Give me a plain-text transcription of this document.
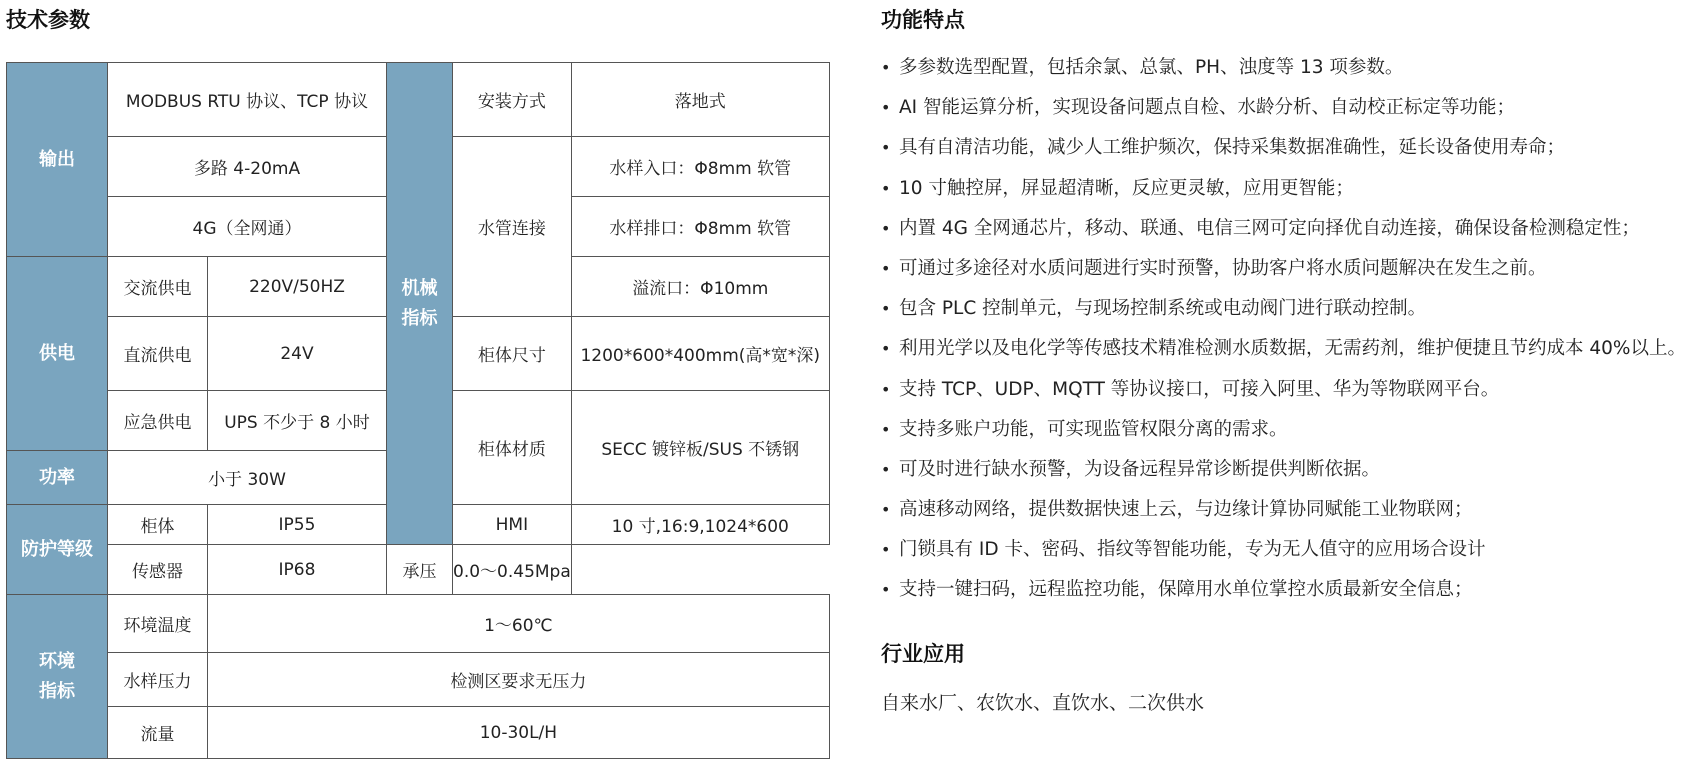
技术参数
输出	MODBUS RTU 协议、TCP 协议		机械指标	安装方式	落地式
	多路 4-20mA			水管连接	水样入口：Φ8mm 软管
	4G（全网通）				水样排口：Φ8mm 软管
供电	交流供电	220V/50HZ			溢流口：Φ10mm
	直流供电	24V		柜体尺寸	1200*600*400mm(高*宽*深)
	应急供电	UPS 不少于 8 小时		柜体材质	SECC 镀锌板/SUS 不锈钢
功率	小于 30W				
防护等级	柜体	IP55		HMI	10 寸,16:9,1024*600
	传感器	IP68	承压	0.0～0.45Mpa	
环境指标	环境温度	1～60℃			
	水样压力	检测区要求无压力			
	流量	10-30L/H			
功能特点
• 多参数选型配置，包括余氯、总氯、PH、浊度等 13 项参数。
• AI 智能运算分析，实现设备问题点自检、水龄分析、自动校正标定等功能；
• 具有自清洁功能，减少人工维护频次，保持采集数据准确性，延长设备使用寿命；
• 10 寸触控屏，屏显超清晰，反应更灵敏，应用更智能；
• 内置 4G 全网通芯片，移动、联通、电信三网可定向择优自动连接，确保设备检测稳定性；
• 可通过多途径对水质问题进行实时预警，协助客户将水质问题解决在发生之前。
• 包含 PLC 控制单元，与现场控制系统或电动阀门进行联动控制。
• 利用光学以及电化学等传感技术精准检测水质数据，无需药剂，维护便捷且节约成本 40%以上。
• 支持 TCP、UDP、MQTT 等协议接口，可接入阿里、华为等物联网平台。
• 支持多账户功能，可实现监管权限分离的需求。
• 可及时进行缺水预警，为设备远程异常诊断提供判断依据。
• 高速移动网络，提供数据快速上云，与边缘计算协同赋能工业物联网；
• 门锁具有 ID 卡、密码、指纹等智能功能，专为无人值守的应用场合设计
• 支持一键扫码，远程监控功能，保障用水单位掌控水质最新安全信息；
行业应用
自来水厂、农饮水、直饮水、二次供水
